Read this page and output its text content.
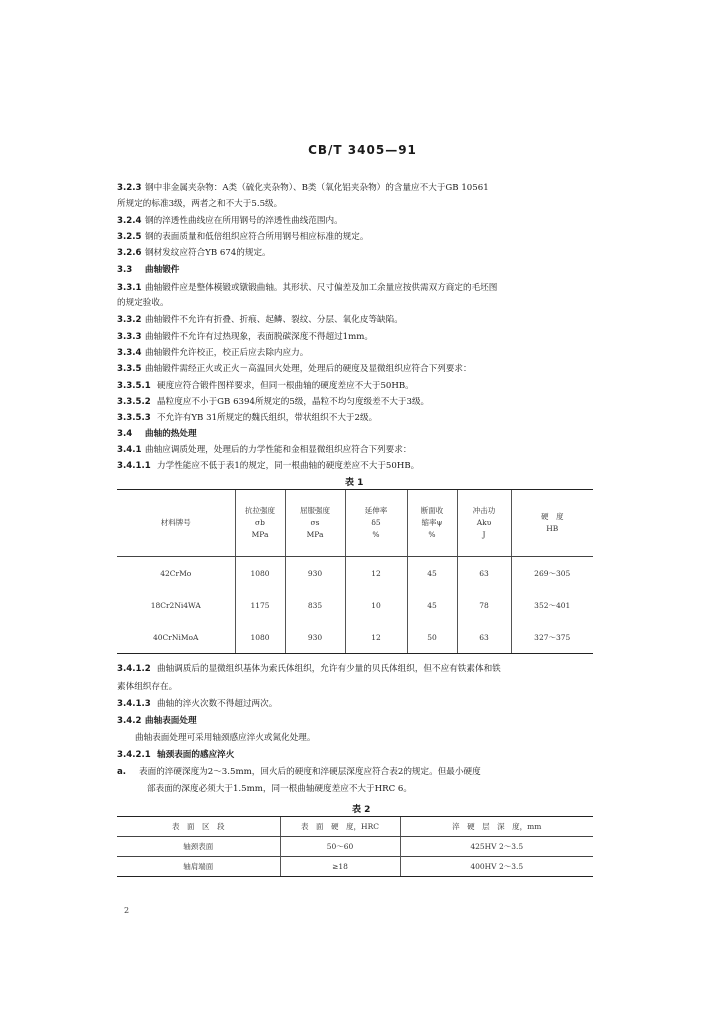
CB/T 3405—91
3.2.3 钢中非金属夹杂物：A类（硫化夹杂物）、B类（氧化铝夹杂物）的含量应不大于GB 10561
所规定的标准3级，两者之和不大于5.5级。
3.2.4 钢的淬透性曲线应在所用钢号的淬透性曲线范围内。
3.2.5 钢的表面质量和低倍组织应符合所用钢号相应标准的规定。
3.2.6 钢材发纹应符合YB 674的规定。
3.3 曲轴锻件
3.3.1 曲轴锻件应是整体模锻或镦锻曲轴。其形状、尺寸偏差及加工余量应按供需双方商定的毛坯图
的规定验收。
3.3.2 曲轴锻件不允许有折叠、折痕、起鳞、裂纹、分层、氧化皮等缺陷。
3.3.3 曲轴锻件不允许有过热现象，表面脱碳深度不得超过1mm。
3.3.4 曲轴锻件允许校正，校正后应去除内应力。
3.3.5 曲轴锻件需经正火或正火－高温回火处理，处理后的硬度及显微组织应符合下列要求：
3.3.5.1 硬度应符合锻件图样要求，但同一根曲轴的硬度差应不大于50HB。
3.3.5.2 晶粒度应不小于GB 6394所规定的5级，晶粒不均匀度级差不大于3级。
3.3.5.3 不允许有YB 31所规定的魏氏组织，带状组织不大于2级。
3.4 曲轴的热处理
3.4.1 曲轴应调质处理，处理后的力学性能和金相显微组织应符合下列要求：
3.4.1.1 力学性能应不低于表1的规定，同一根曲轴的硬度差应不大于50HB。
表 1
材料牌号	抗拉强度
σb
MPa	屈服强度
σs
MPa	延伸率
δ5
%	断面收
缩率ψ
%	冲击功
Akυ
J	硬　度
HB

42CrMo	1080	930	12	45	63	269～305
18Cr2Ni4WA	1175	835	10	45	78	352～401
40CrNiMoA	1080	930	12	50	63	327～375
3.4.1.2 曲轴调质后的显微组织基体为索氏体组织，允许有少量的贝氏体组织，但不应有铁素体和铁
素体组织存在。
3.4.1.3 曲轴的淬火次数不得超过两次。
3.4.2 曲轴表面处理
曲轴表面处理可采用轴颈感应淬火或氮化处理。
3.4.2.1 轴颈表面的感应淬火
a. 表面的淬硬深度为2～3.5mm，回火后的硬度和淬硬层深度应符合表2的规定。但最小硬度
部表面的深度必须大于1.5mm，同一根曲轴硬度差应不大于HRC 6。
表 2
表　面　区　段	表　面　硬　度，HRC	淬　硬　层　深　度，mm
轴颈表面	50～60	425HV 2～3.5
轴肩端面	≥18	400HV 2～3.5
2
